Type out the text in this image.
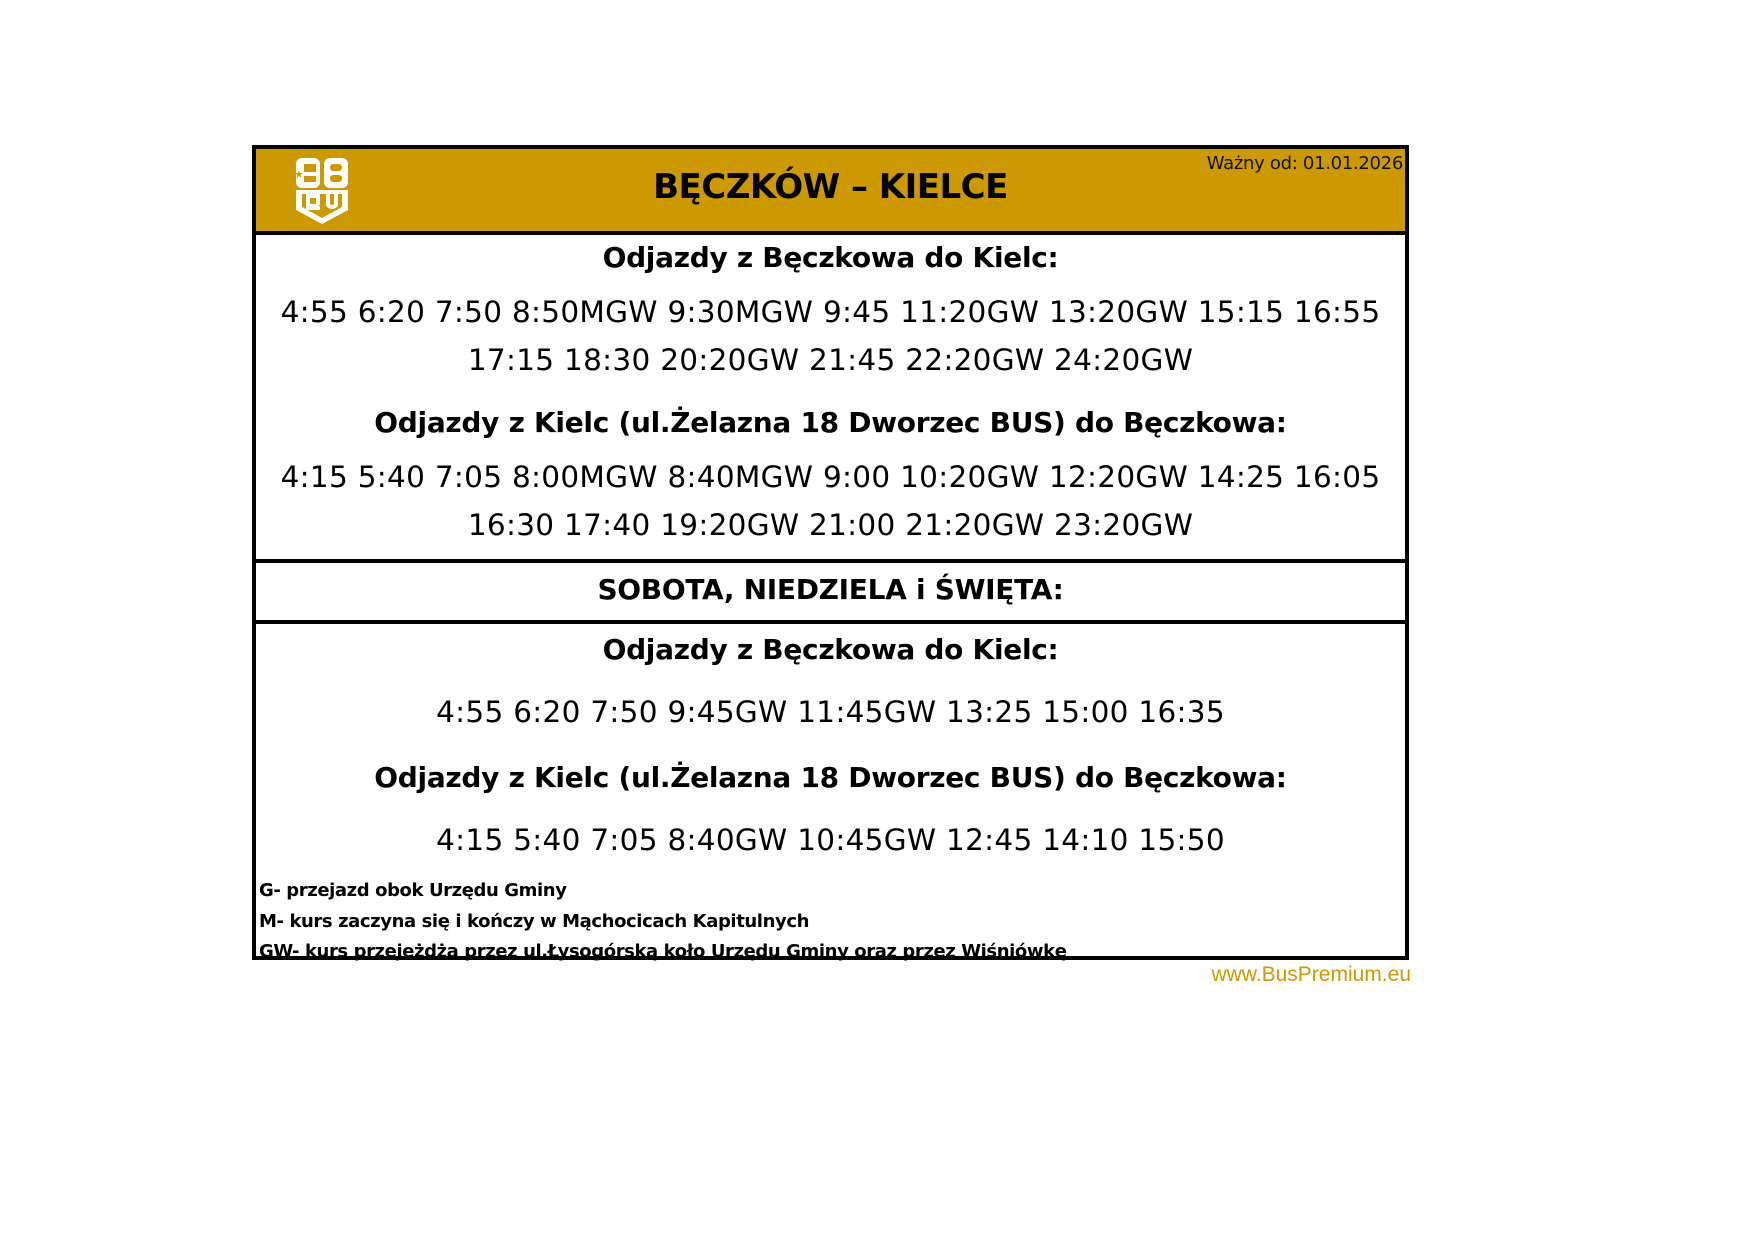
Ważny od: 01.01.2026
BĘCZKÓW – KIELCE
Odjazdy z Bęczkowa do Kielc:
4:55 6:20 7:50 8:50MGW 9:30MGW 9:45 11:20GW 13:20GW 15:15 16:55
17:15 18:30 20:20GW 21:45 22:20GW 24:20GW
Odjazdy z Kielc (ul.Żelazna 18 Dworzec BUS) do Bęczkowa:
4:15 5:40 7:05 8:00MGW 8:40MGW 9:00 10:20GW 12:20GW 14:25 16:05
16:30 17:40 19:20GW 21:00 21:20GW 23:20GW
SOBOTA, NIEDZIELA i ŚWIĘTA:
Odjazdy z Bęczkowa do Kielc:
4:55 6:20 7:50 9:45GW 11:45GW 13:25 15:00 16:35
Odjazdy z Kielc (ul.Żelazna 18 Dworzec BUS) do Bęczkowa:
4:15 5:40 7:05 8:40GW 10:45GW 12:45 14:10 15:50
G- przejazd obok Urzędu Gminy
M- kurs zaczyna się i kończy w Mąchocicach Kapitulnych
GW- kurs przejeżdża przez ul.Łysogórską koło Urzędu Gminy oraz przez Wiśniówkę
www.BusPremium.eu
